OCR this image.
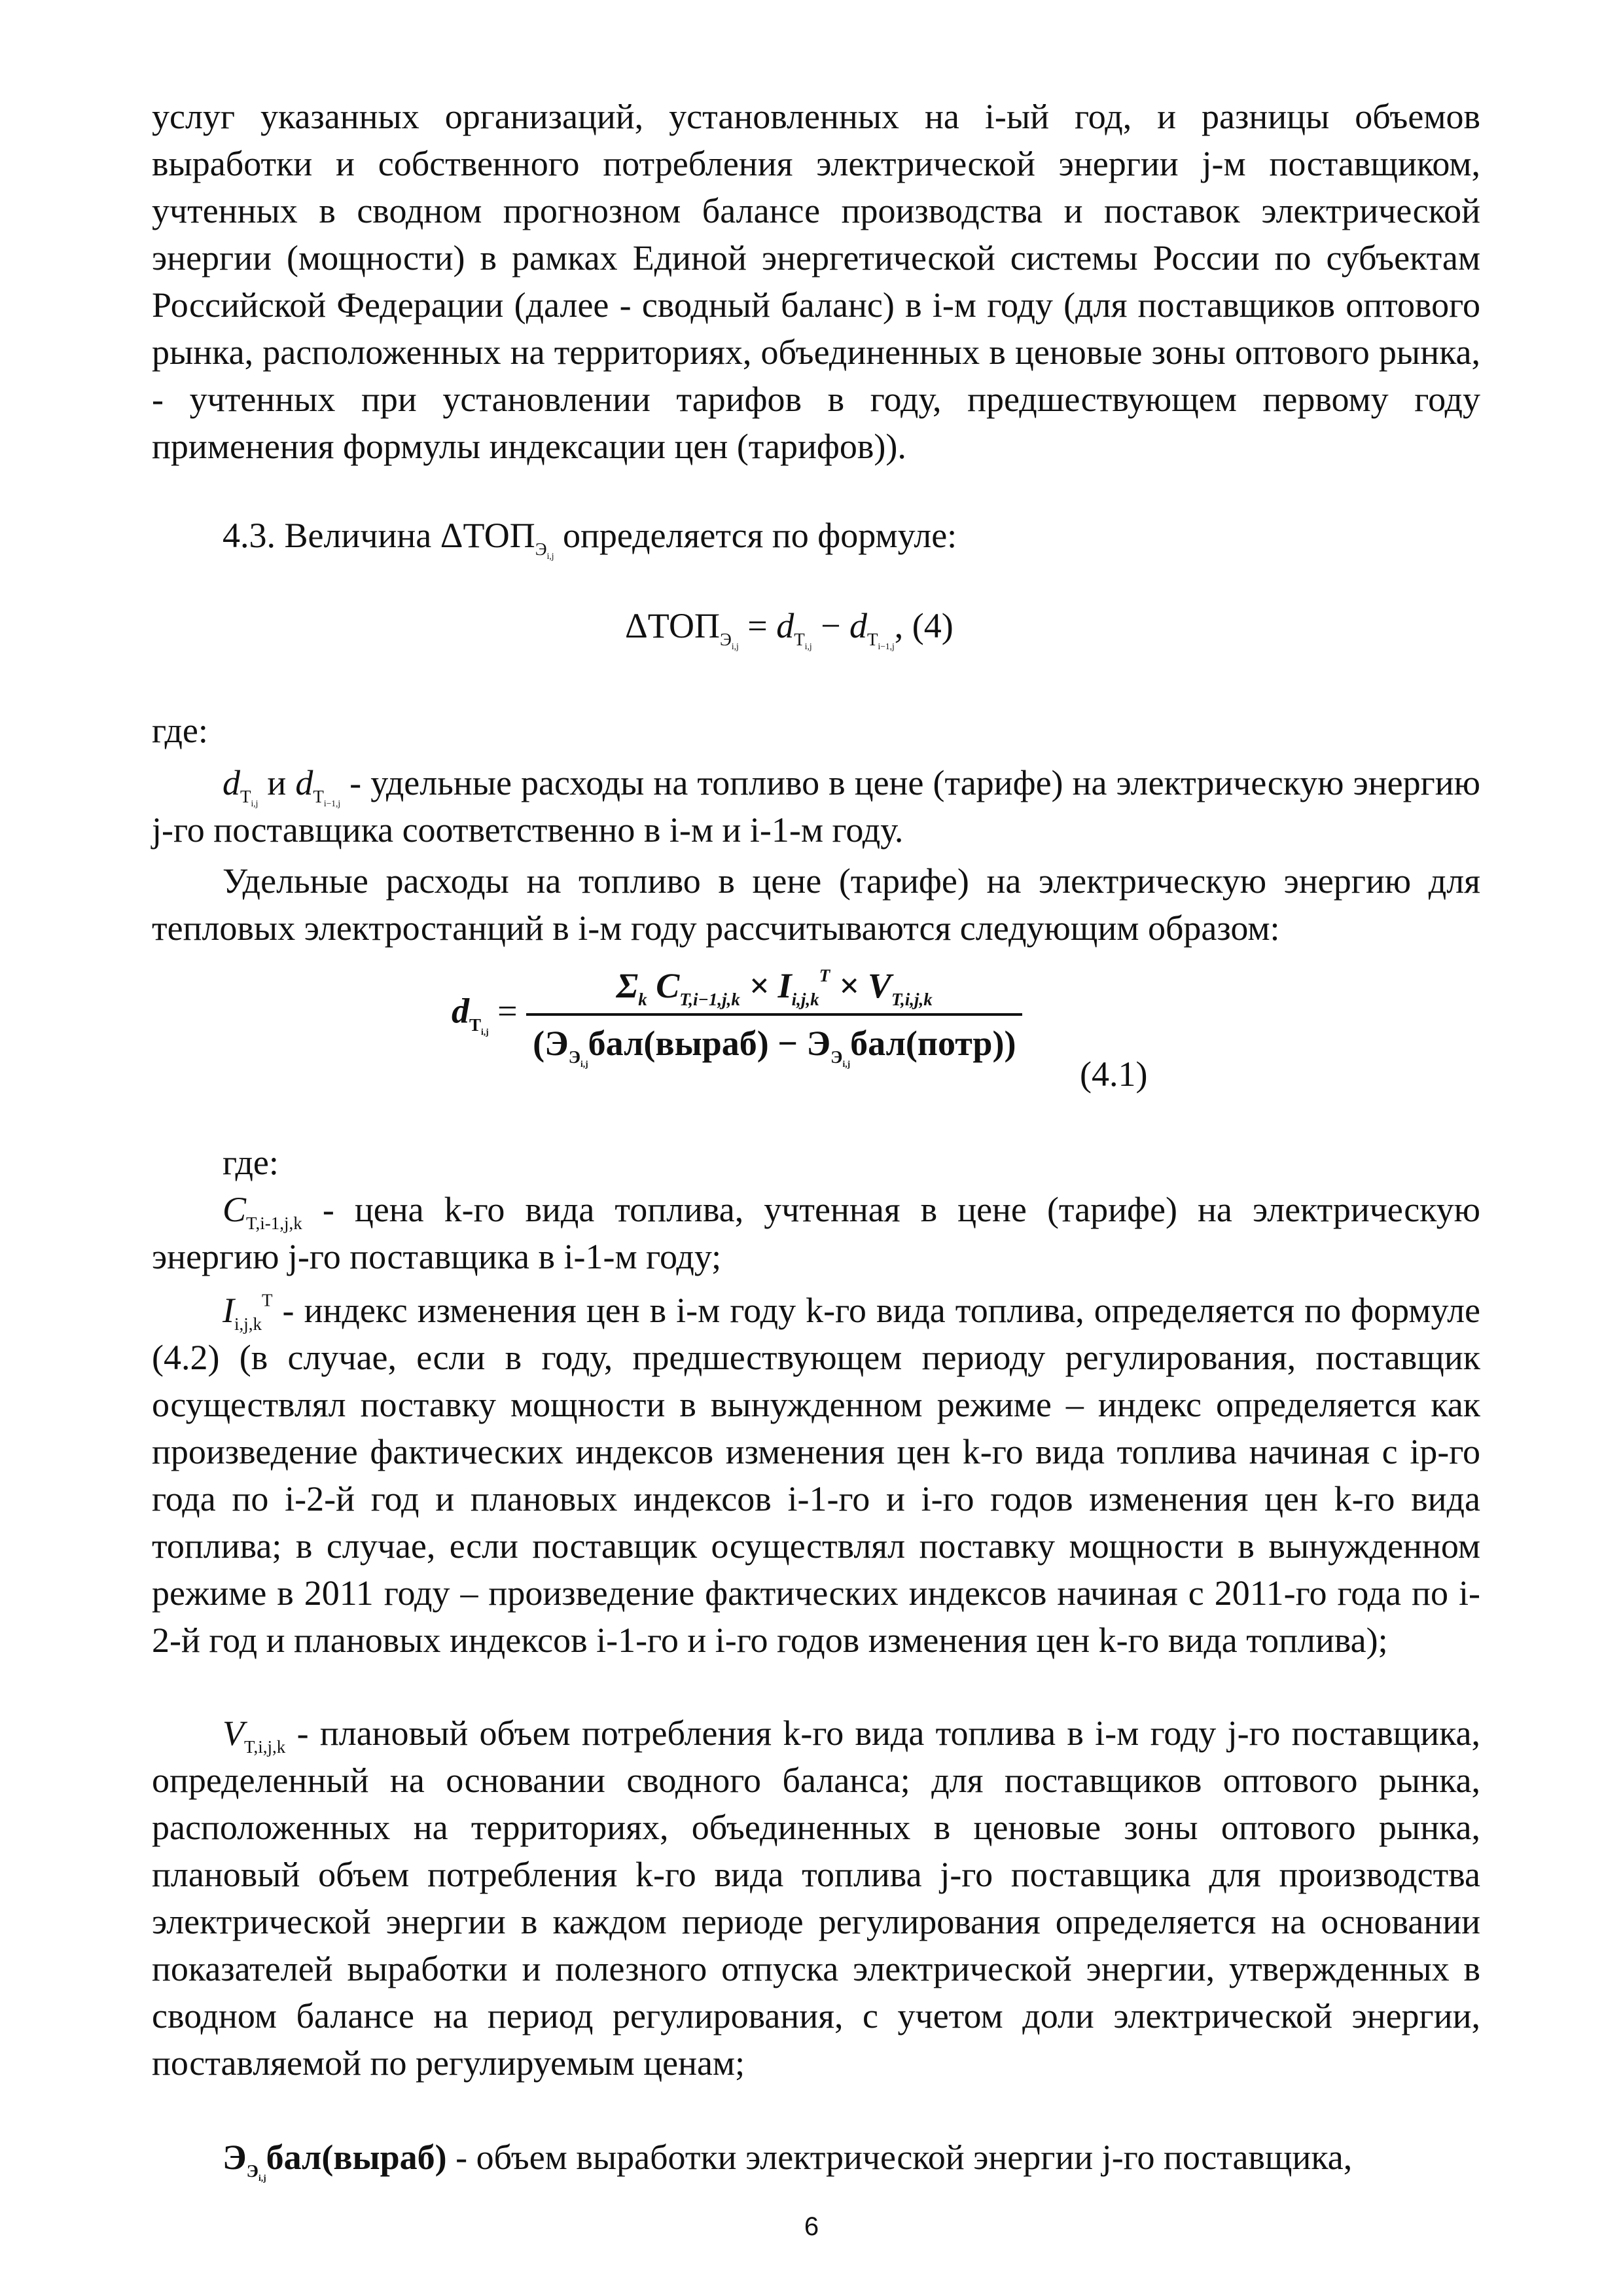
услуг указанных организаций, установленных на i-ый год, и разницы объемов выработки и собственного потребления электрической энергии j-м поставщиком, учтенных в сводном прогнозном балансе производства и поставок электрической энергии (мощности) в рамках Единой энергетической системы России по субъектам Российской Федерации (далее - сводный баланс) в i-м году (для поставщиков оптового рынка, расположенных на территориях, объединенных в ценовые зоны оптового рынка, - учтенных при установлении тарифов в году, предшествующем первому году применения формулы индексации цен (тарифов)).
4.3. Величина $\Delta ТОП_{Э_{i,j}}$ определяется по формуле:
$\Delta ТОП_{Э_{i,j}} = d_{Т_{i,j}} - d_{Т_{i-1,j}}$, (4)
где:
$d_{Т_{i,j}}$ и $d_{Т_{i-1,j}}$ - удельные расходы на топливо в цене (тарифе) на электрическую энергию j-го поставщика соответственно в i-м и i-1-м году.
Удельные расходы на топливо в цене (тарифе) на электрическую энергию для тепловых электростанций в i-м году рассчитываются следующим образом:
$d_{T_{i,j}} = \frac{\Sigma_k C_{T,i-1,j,k} \times I_{i,j,k}^T \times V_{T,i,j,k}}{(Э_{Э_{i,j}}бал(выраб) - Э_{Э_{i,j}}бал(потр))}$
(4.1)
где:
$C_{T,i-1,j,k}$ - цена k-го вида топлива, учтенная в цене (тарифе) на электрическую энергию j-го поставщика в i-1-м году;
$I_{i,j,k}^T$ - индекс изменения цен в i-м году k-го вида топлива, определяется по формуле (4.2) (в случае, если в году, предшествующем периоду регулирования, поставщик осуществлял поставку мощности в вынужденном режиме – индекс определяется как произведение фактических индексов изменения цен k-го вида топлива начиная с iр-го года по i-2-й год и плановых индексов i-1-го и i-го годов изменения цен k-го вида топлива; в случае, если поставщик осуществлял поставку мощности в вынужденном режиме в 2011 году – произведение фактических индексов начиная с 2011-го года по i-2-й год и плановых индексов i-1-го и i-го годов изменения цен k-го вида топлива);
$V_{T,i,j,k}$ - плановый объем потребления k-го вида топлива в i-м году j-го поставщика, определенный на основании сводного баланса; для поставщиков оптового рынка, расположенных на территориях, объединенных в ценовые зоны оптового рынка, плановый объем потребления k-го вида топлива j-го поставщика для производства электрической энергии в каждом периоде регулирования определяется на основании показателей выработки и полезного отпуска электрической энергии, утвержденных в сводном балансе на период регулирования, с учетом доли электрической энергии, поставляемой по регулируемым ценам;
$Э_{Э_{i,j}}бал(выраб)$ - объем выработки электрической энергии j-го поставщика,
6
